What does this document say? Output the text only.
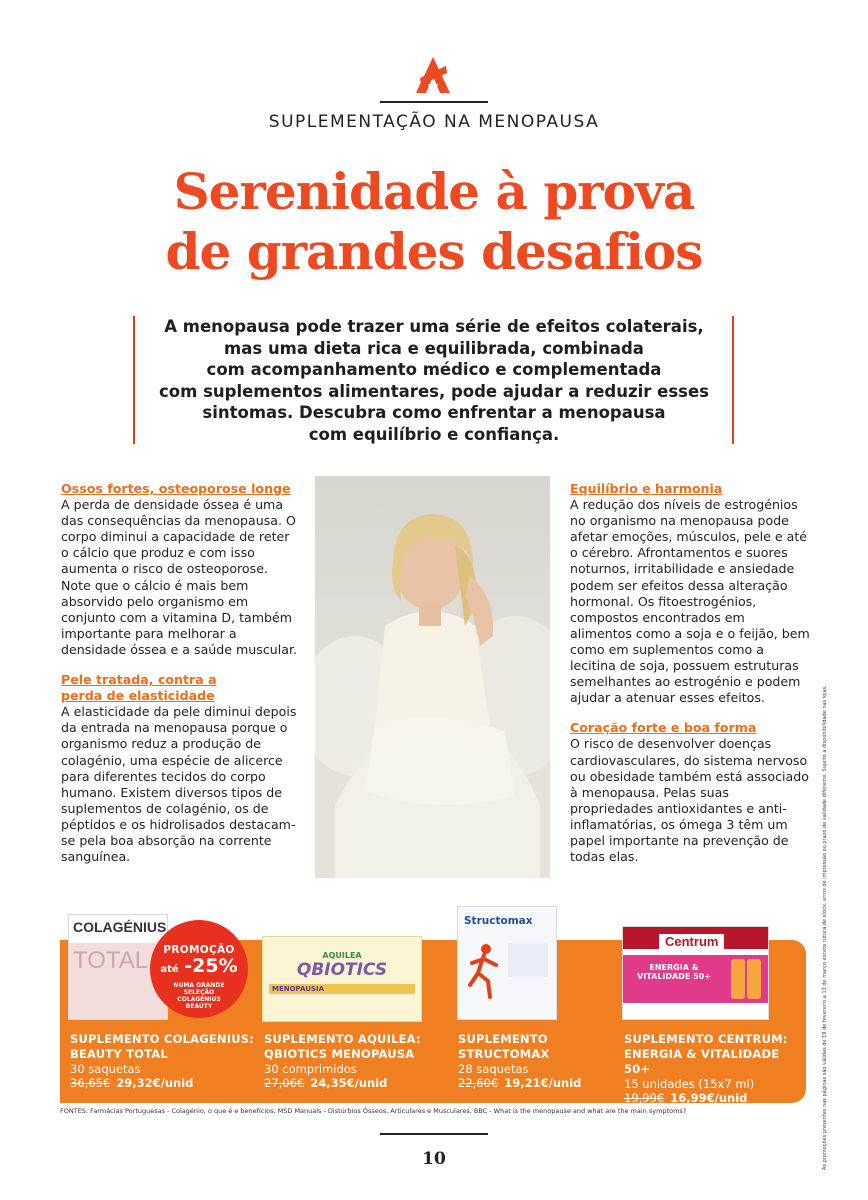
SUPLEMENTAÇÃO NA MENOPAUSA
Serenidade à prova
de grandes desafios
A menopausa pode trazer uma série de efeitos colaterais,
mas uma dieta rica e equilibrada, combinada
com acompanhamento médico e complementada
com suplementos alimentares, pode ajudar a reduzir esses
sintomas. Descubra como enfrentar a menopausa
com equilíbrio e confiança.
Ossos fortes, osteoporose longe

A perda de densidade óssea é uma das consequências da menopausa. O corpo diminui a capacidade de reter o cálcio que produz e com isso aumenta o risco de osteoporose. Note que o cálcio é mais bem absorvido pelo organismo em conjunto com a vitamina D, também importante para melhorar a densidade óssea e a saúde muscular.

Pele tratada, contra a perda de elasticidade

A elasticidade da pele diminui depois da entrada na menopausa porque o organismo reduz a produção de colagénio, uma espécie de alicerce para diferentes tecidos do corpo humano. Existem diversos tipos de suplementos de colagénio, os de péptidos e os hidrolisados destacam-se pela boa absorção na corrente sanguínea.

Equilíbrio e harmonia

A redução dos níveis de estrogénios no organismo na menopausa pode afetar emoções, músculos, pele e até o cérebro. Afrontamentos e suores noturnos, irritabilidade e ansiedade podem ser efeitos dessa alteração hormonal. Os fitoestrogénios, compostos encontrados em alimentos como a soja e o feijão, bem como em suplementos como a lecitina de soja, possuem estruturas semelhantes ao estrogénio e podem ajudar a atenuar esses efeitos.

Coração forte e boa forma

O risco de desenvolver doenças cardiovasculares, do sistema nervoso ou obesidade também está associado à menopausa. Pelas suas propriedades antioxidantes e anti-inflamatórias, os ómega 3 têm um papel importante na prevenção de todas elas.	As promoções presentes nas páginas são válidas de 19 de fevereiro a 13 de março exceto rutura de stock, erros de impressão ou prazo de validade diferente. Sujeito a disponibilidade nas lojas.
COLAGÉNIUS
TOTAL	PROMOÇÃO
até -25%
NUMA GRANDE SELEÇÃO COLAGENIUS BEAUTY
AQUILEA
QBIOTICS
MENOPAUSIA
Structomax
Centrum
ENERGIA & VITALIDADE 50+
SUPLEMENTO COLAGENIUS:
BEAUTY TOTAL
30 saquetas
36,65€ 29,32€/unid
SUPLEMENTO AQUILEA:
QBIOTICS MENOPAUSA
30 comprimidos
27,06€ 24,35€/unid
SUPLEMENTO
STRUCTOMAX
28 saquetas
22,60€ 19,21€/unid
SUPLEMENTO CENTRUM:
ENERGIA & VITALIDADE 50+
15 unidades (15x7 ml)
19,99€ 16,99€/unid
FONTES: Farmácias Portuguesas - Colagénio, o que é e benefícios, MSD Manuals - Distúrbios Ósseos, Articulares e Musculares, BBC - What is the menopause and what are the main symptoms?
10
